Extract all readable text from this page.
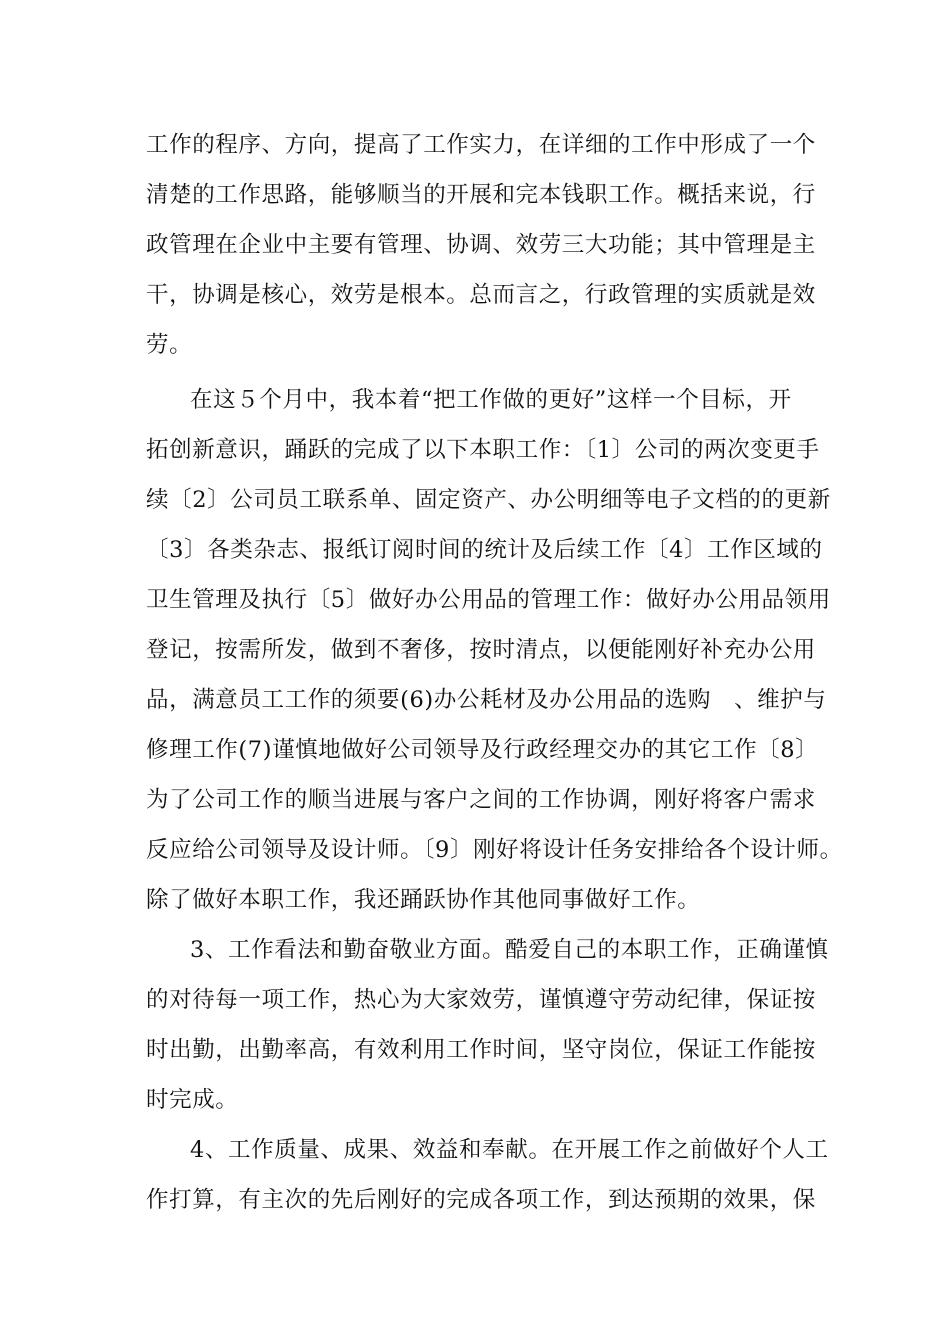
工作的程序、方向，提高了工作实力，在详细的工作中形成了一个
清楚的工作思路，能够顺当的开展和完本钱职工作。概括来说，行
政管理在企业中主要有管理、协调、效劳三大功能；其中管理是主
干，协调是核心，效劳是根本。总而言之，行政管理的实质就是效
劳。
在这５个月中，我本着“把工作做的更好”这样一个目标，开
拓创新意识，踊跃的完成了以下本职工作：〔1〕公司的两次变更手
续〔2〕公司员工联系单、固定资产、办公明细等电子文档的的更新
〔3〕各类杂志、报纸订阅时间的统计及后续工作〔4〕工作区域的
卫生管理及执行〔5〕做好办公用品的管理工作：做好办公用品领用
登记，按需所发，做到不奢侈，按时清点，以便能刚好补充办公用
品，满意员工工作的须要(6)办公耗材及办公用品的选购　、维护与
修理工作(7)谨慎地做好公司领导及行政经理交办的其它工作〔8〕
为了公司工作的顺当进展与客户之间的工作协调，刚好将客户需求
反应给公司领导及设计师。〔9〕刚好将设计任务安排给各个设计师。
除了做好本职工作，我还踊跃协作其他同事做好工作。
3、工作看法和勤奋敬业方面。酷爱自己的本职工作，正确谨慎
的对待每一项工作，热心为大家效劳，谨慎遵守劳动纪律，保证按
时出勤，出勤率高，有效利用工作时间，坚守岗位，保证工作能按
时完成。
4、工作质量、成果、效益和奉献。在开展工作之前做好个人工
作打算，有主次的先后刚好的完成各项工作，到达预期的效果，保
